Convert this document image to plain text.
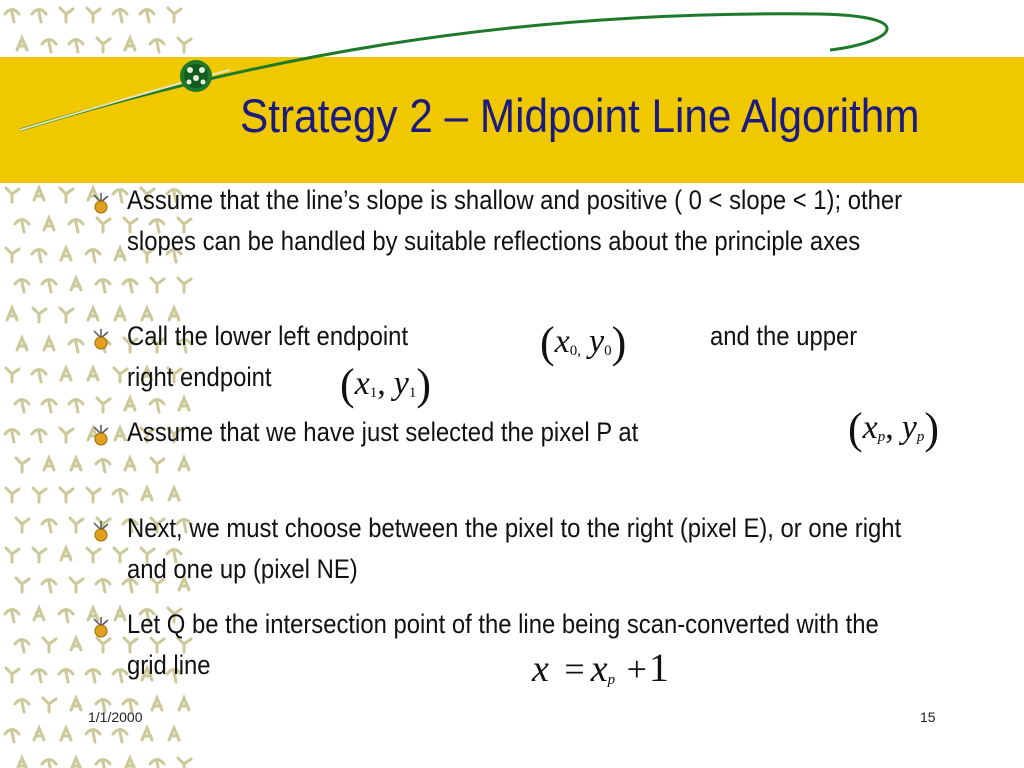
Strategy 2 – Midpoint Line Algorithm
Assume that the line’s slope is shallow and positive ( 0 < slope < 1); other slopes can be handled by suitable reflections about the principle axes
Call the lower left endpoint	and the upper
right endpoint
Assume that we have just selected the pixel P at
Next, we must choose between the pixel to the right (pixel E), or one right and one up (pixel NE)
Let Q be the intersection point of the line being scan-converted with the grid line
(x0, y0)
(x1, y1)
(xp, yp)
x = xp +1
1/1/2000	15
